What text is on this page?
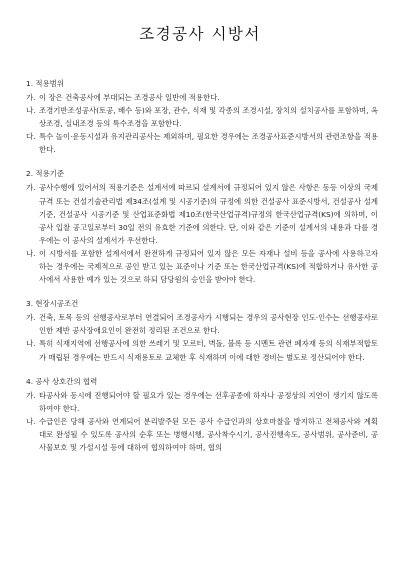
조경공사 시방서
1. 적용범위
가. 이 장은 건축공사에 부대되는 조경공사 일반에 적용한다.
나. 조경기반조성공사(토공, 배수 등)와 포장, 관수, 식재 및 각종의 조경시설, 장치의 설치공사를 포함하며, 옥상조경, 실내조경 등의 특수조경을 포함한다.
다. 특수 놀이·운동시설과 유지관리공사는 제외하며, 필요한 경우에는 조경공사표준시방서의 관련조항을 적용한다.
2. 적용기준
가. 공사수행에 있어서의 적용기준은 설계서에 따르되 설계서에 규정되어 있지 않은 사항은 동등 이상의 국제규격 또는 건설기술관리법 제34조(설계 및 시공기준)의 규정에 의한 건설공사 표준시방서, 건설공사 설계기준, 건설공사 시공기준 및 산업표준화법 제10조(한국산업규격)규정의 한국산업규격(KS)에 의하며, 이 공사 입찰 공고일로부터 30일 전의 유효한 기준에 의한다. 단, 이와 같은 기준이 설계서의 내용과 다를 경우에는 이 공사의 설계서가 우선한다.
나. 이 시방서를 포함한 설계서에서 완전하게 규정되어 있지 않은 모든 자재나 설비 등을 공사에 사용하고자 하는 경우에는 국제적으로 공인 받고 있는 표준이나 기준 또는 한국산업규격(KS)에 적합하거나 유사한 공사에서 사용한 예가 있는 것으로 하되 담당원의 승인을 받아야 한다.
3. 현장시공조건
가. 건축, 토목 등의 선행공사로부터 연결되어 조경공사가 시행되는 경우의 공사현장 인도·인수는 선행공사로 인한 제반 공사장애요인이 완전히 정리된 조건으로 한다.
나. 특히 식재지역에 선행공사에 의한 쓰레기 및 모르터, 벽돌, 블록 등 시멘트 관련 폐자재 등의 식재부적합토가 매립된 경우에는 반드시 식재용토로 교체한 후 식재하며 이에 대한 경비는 별도로 정산되어야 한다.
4. 공사 상호간의 협력
가. 타공사와 동시에 진행되어야 할 필요가 있는 경우에는 선후공종에 하자나 공정상의 지연이 생기지 않도록 하여야 한다.
나. 수급인은 당해 공사와 연계되어 분리발주된 모든 공사 수급인과의 상호마찰을 방지하고 전체공사와 계획대로 완성될 수 있도록 공사의 순후 또는 병행시행, 공사착수시기, 공사진행속도, 공사범위, 공사준비, 공사물보호 및 가설시설 등에 대하여 협의하여야 하며, 협의
